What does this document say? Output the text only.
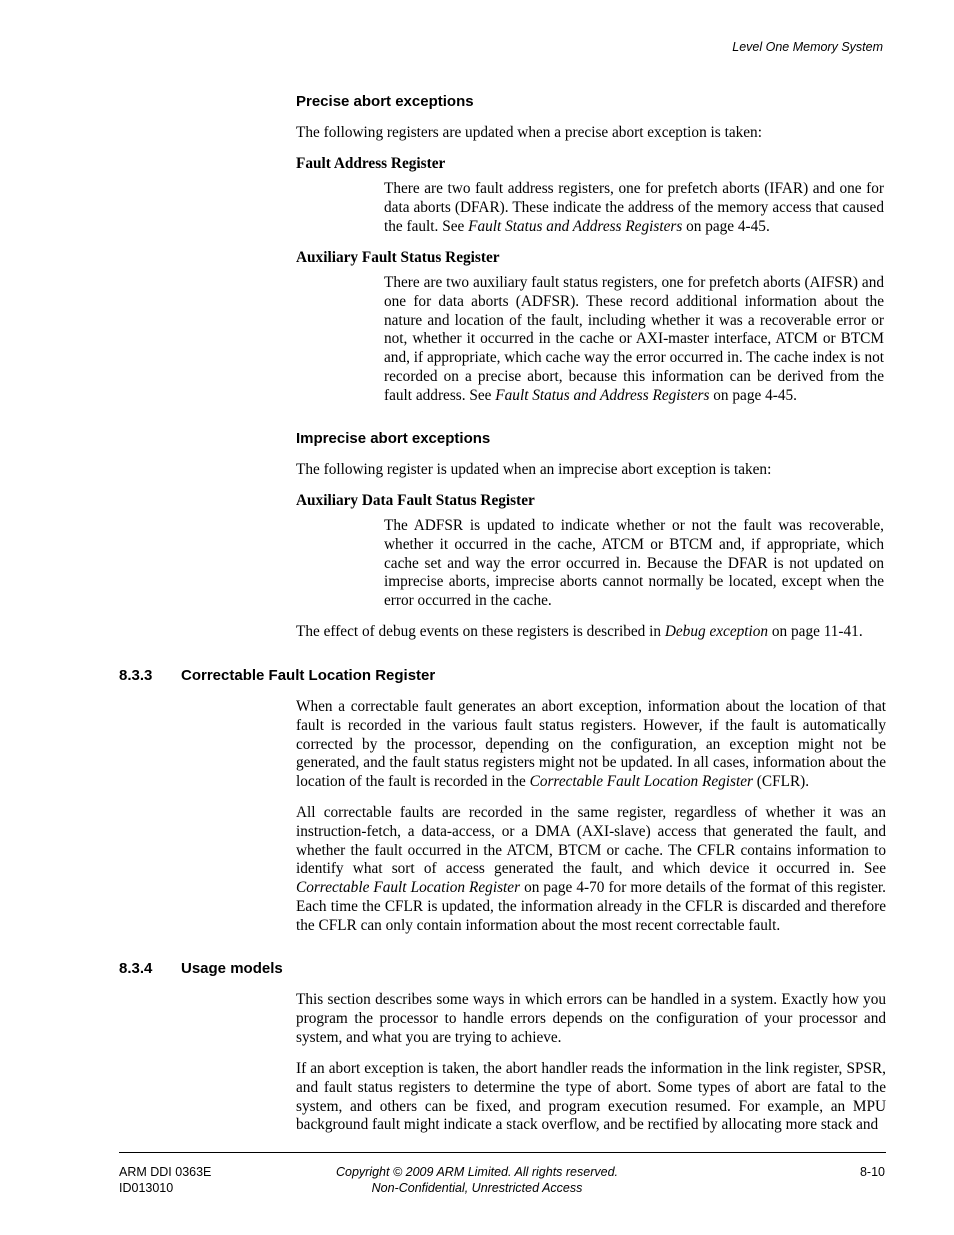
Level One Memory System
Precise abort exceptions
The following registers are updated when a precise abort exception is taken:
Fault Address Register
There are two fault address registers, one for prefetch aborts (IFAR) and one for data aborts (DFAR). These indicate the address of the memory access that caused the fault. See Fault Status and Address Registers on page 4-45.
Auxiliary Fault Status Register
There are two auxiliary fault status registers, one for prefetch aborts (AIFSR) and one for data aborts (ADFSR). These record additional information about the nature and location of the fault, including whether it was a recoverable error or not, whether it occurred in the cache or AXI-master interface, ATCM or BTCM and, if appropriate, which cache way the error occurred in. The cache index is not recorded on a precise abort, because this information can be derived from the fault address. See Fault Status and Address Registers on page 4-45.
Imprecise abort exceptions
The following register is updated when an imprecise abort exception is taken:
Auxiliary Data Fault Status Register
The ADFSR is updated to indicate whether or not the fault was recoverable, whether it occurred in the cache, ATCM or BTCM and, if appropriate, which cache set and way the error occurred in. Because the DFAR is not updated on imprecise aborts, imprecise aborts cannot normally be located, except when the error occurred in the cache.
The effect of debug events on these registers is described in Debug exception on page 11-41.
8.3.3 Correctable Fault Location Register
When a correctable fault generates an abort exception, information about the location of that fault is recorded in the various fault status registers. However, if the fault is automatically corrected by the processor, depending on the configuration, an exception might not be generated, and the fault status registers might not be updated. In all cases, information about the location of the fault is recorded in the Correctable Fault Location Register (CFLR).
All correctable faults are recorded in the same register, regardless of whether it was an instruction-fetch, a data-access, or a DMA (AXI-slave) access that generated the fault, and whether the fault occurred in the ATCM, BTCM or cache. The CFLR contains information to identify what sort of access generated the fault, and which device it occurred in. See Correctable Fault Location Register on page 4-70 for more details of the format of this register. Each time the CFLR is updated, the information already in the CFLR is discarded and therefore the CFLR can only contain information about the most recent correctable fault.
8.3.4 Usage models
This section describes some ways in which errors can be handled in a system. Exactly how you program the processor to handle errors depends on the configuration of your processor and system, and what you are trying to achieve.
If an abort exception is taken, the abort handler reads the information in the link register, SPSR, and fault status registers to determine the type of abort. Some types of abort are fatal to the system, and others can be fixed, and program execution resumed. For example, an MPU background fault might indicate a stack overflow, and be rectified by allocating more stack and
ARM DDI 0363E
ID013010
Copyright © 2009 ARM Limited. All rights reserved.
Non-Confidential, Unrestricted Access
8-10
